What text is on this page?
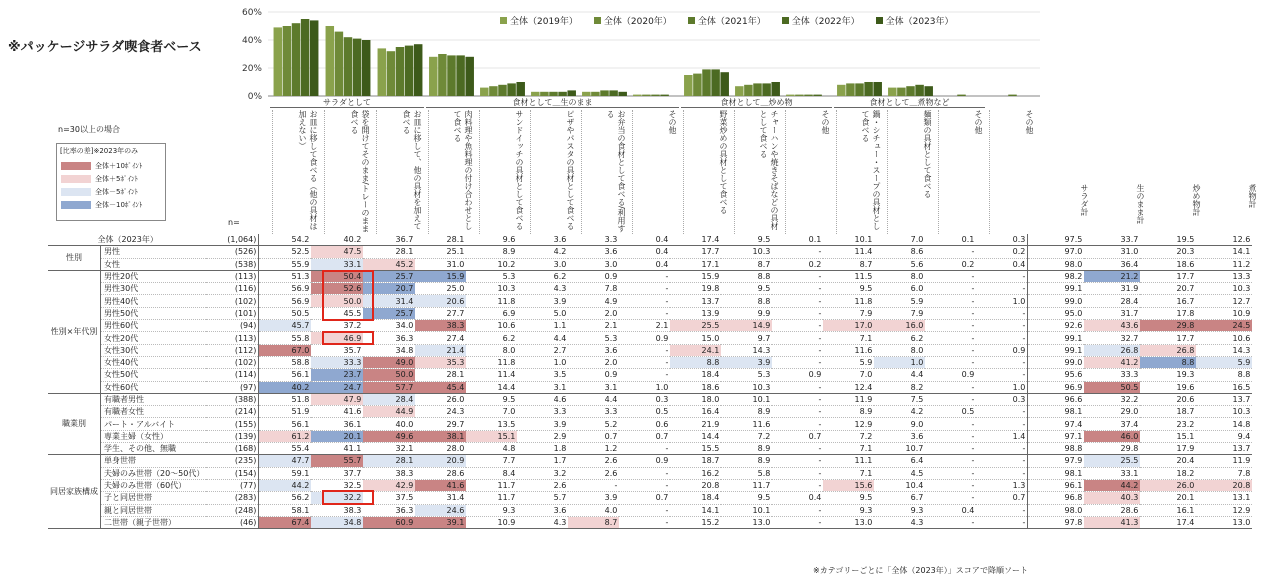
※パッケージサラダ喫食者ベース
60%
40%
20%
0%
全体（2019年）	全体（2020年）	全体（2021年）	全体（2022年）	全体（2023年）
n=30以上の場合
[比率の差]※2023年のみ
全体＋10ﾎﾟｲﾝﾄ
全体＋5ﾎﾟｲﾝﾄ
全体－5ﾎﾟｲﾝﾄ
全体－10ﾎﾟｲﾝﾄ
n=
サラダとして	食材として＿生のまま	食材として＿炒め物	食材として＿煮物など
お皿に移して食べる（他の具材は加えない）	袋を開けてそのまま/トレーのまま食べる	お皿に移して、他の具材を加えて食べる	肉料理や魚料理の付け合わせとして食べる	サンドイッチの具材として食べる	ピザやパスタの具材として食べる	お弁当の食材として食べる/利用する	その他	野菜炒めの具材として食べる	チャーハンや焼きそばなどの具材として食べる	その他	鍋・シチュー・スープの具材として食べる	麺類の具材として食べる	その他	その他
サラダ計	生のまま計	炒め物計	煮物計
全体（2023年）		(1,064)	54.2	40.2	36.7	28.1	9.6	3.6	3.3	0.4	17.4	9.5	0.1	10.1	7.0	0.1	0.3	97.5	33.7	19.5	12.6
性別	男性	(526)	52.5	47.5	28.1	25.1	8.9	4.2	3.6	0.4	17.7	10.3	-	11.4	8.6	-	0.2	97.0	31.0	20.3	14.1
	女性	(538)	55.9	33.1	45.2	31.0	10.2	3.0	3.0	0.4	17.1	8.7	0.2	8.7	5.6	0.2	0.4	98.0	36.4	18.6	11.2
性別×年代別	男性20代	(113)	51.3	50.4	25.7	15.9	5.3	6.2	0.9	-	15.9	8.8	-	11.5	8.0	-	-	98.2	21.2	17.7	13.3
	男性30代	(116)	56.9	52.6	20.7	25.0	10.3	4.3	7.8	-	19.8	9.5	-	9.5	6.0	-	-	99.1	31.9	20.7	10.3
	男性40代	(102)	56.9	50.0	31.4	20.6	11.8	3.9	4.9	-	13.7	8.8	-	11.8	5.9	-	1.0	99.0	28.4	16.7	12.7
	男性50代	(101)	50.5	45.5	25.7	27.7	6.9	5.0	2.0	-	13.9	9.9	-	7.9	7.9	-	-	95.0	31.7	17.8	10.9
	男性60代	(94)	45.7	37.2	34.0	38.3	10.6	1.1	2.1	2.1	25.5	14.9	-	17.0	16.0	-	-	92.6	43.6	29.8	24.5
	女性20代	(113)	55.8	46.9	36.3	27.4	6.2	4.4	5.3	0.9	15.0	9.7	-	7.1	6.2	-	-	99.1	32.7	17.7	10.6
	女性30代	(112)	67.0	35.7	34.8	21.4	8.0	2.7	3.6	-	24.1	14.3	-	11.6	8.0	-	0.9	99.1	26.8	26.8	14.3
	女性40代	(102)	58.8	33.3	49.0	35.3	11.8	1.0	2.0	-	8.8	3.9	-	5.9	1.0	-	-	99.0	41.2	8.8	5.9
	女性50代	(114)	56.1	23.7	50.0	28.1	11.4	3.5	0.9	-	18.4	5.3	0.9	7.0	4.4	0.9	-	95.6	33.3	19.3	8.8
	女性60代	(97)	40.2	24.7	57.7	45.4	14.4	3.1	3.1	1.0	18.6	10.3	-	12.4	8.2	-	1.0	96.9	50.5	19.6	16.5
職業別	有職者男性	(388)	51.8	47.9	28.4	26.0	9.5	4.6	4.4	0.3	18.0	10.1	-	11.9	7.5	-	0.3	96.6	32.2	20.6	13.7
	有職者女性	(214)	51.9	41.6	44.9	24.3	7.0	3.3	3.3	0.5	16.4	8.9	-	8.9	4.2	0.5	-	98.1	29.0	18.7	10.3
	パート・アルバイト	(155)	56.1	36.1	40.0	29.7	13.5	3.9	5.2	0.6	21.9	11.6	-	12.9	9.0	-	-	97.4	37.4	23.2	14.8
	専業主婦（女性）	(139)	61.2	20.1	49.6	38.1	15.1	2.9	0.7	0.7	14.4	7.2	0.7	7.2	3.6	-	1.4	97.1	46.0	15.1	9.4
	学生、その他、無職	(168)	55.4	41.1	32.1	28.0	4.8	1.8	1.2	-	15.5	8.9	-	7.1	10.7	-	-	98.8	29.8	17.9	13.7
同居家族構成	単身世帯	(235)	47.7	55.7	28.1	20.9	7.7	1.7	2.6	0.9	18.7	8.9	-	11.1	6.4	-	-	97.9	25.5	20.4	11.9
	夫婦のみ世帯（20～50代）	(154)	59.1	37.7	38.3	28.6	8.4	3.2	2.6	-	16.2	5.8	-	7.1	4.5	-	-	98.1	33.1	18.2	7.8
	夫婦のみ世帯（60代）	(77)	44.2	32.5	42.9	41.6	11.7	2.6	-	-	20.8	11.7	-	15.6	10.4	-	1.3	96.1	44.2	26.0	20.8
	子と同居世帯	(283)	56.2	32.2	37.5	31.4	11.7	5.7	3.9	0.7	18.4	9.5	0.4	9.5	6.7	-	0.7	96.8	40.3	20.1	13.1
	親と同居世帯	(248)	58.1	38.3	36.3	24.6	9.3	3.6	4.0	-	14.1	10.1	-	9.3	9.3	0.4	-	98.0	28.6	16.1	12.9
	二世帯（親子世帯）	(46)	67.4	34.8	60.9	39.1	10.9	4.3	8.7	-	15.2	13.0	-	13.0	4.3	-	-	97.8	41.3	17.4	13.0
※カテゴリーごとに「全体（2023年）」スコアで降順ソート
